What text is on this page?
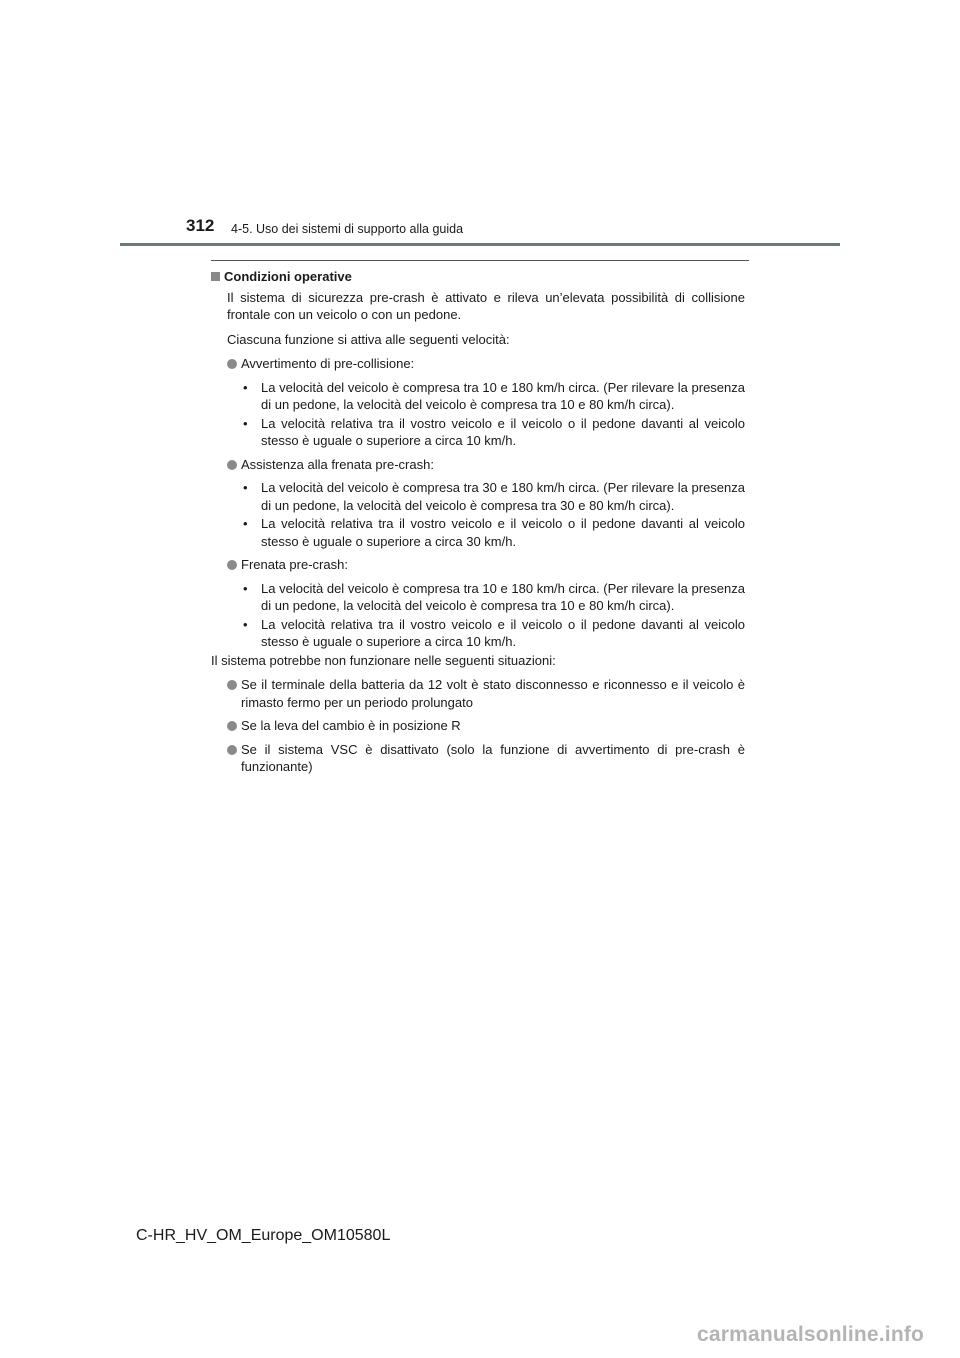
312 4-5. Uso dei sistemi di supporto alla guida
Condizioni operative

Il sistema di sicurezza pre-crash è attivato e rileva un’elevata possibilità di collisione frontale con un veicolo o con un pedone.

Ciascuna funzione si attiva alle seguenti velocità:

Avvertimento di pre-collisione:
• La velocità del veicolo è compresa tra 10 e 180 km/h circa. (Per rilevare la presenza di un pedone, la velocità del veicolo è compresa tra 10 e 80 km/h circa).
• La velocità relativa tra il vostro veicolo e il veicolo o il pedone davanti al veicolo stesso è uguale o superiore a circa 10 km/h.
Assistenza alla frenata pre-crash:
• La velocità del veicolo è compresa tra 30 e 180 km/h circa. (Per rilevare la presenza di un pedone, la velocità del veicolo è compresa tra 30 e 80 km/h circa).
• La velocità relativa tra il vostro veicolo e il veicolo o il pedone davanti al veicolo stesso è uguale o superiore a circa 30 km/h.
Frenata pre-crash:
• La velocità del veicolo è compresa tra 10 e 180 km/h circa. (Per rilevare la presenza di un pedone, la velocità del veicolo è compresa tra 10 e 80 km/h circa).
• La velocità relativa tra il vostro veicolo e il veicolo o il pedone davanti al veicolo stesso è uguale o superiore a circa 10 km/h.

Il sistema potrebbe non funzionare nelle seguenti situazioni:

Se il terminale della batteria da 12 volt è stato disconnesso e riconnesso e il veicolo è rimasto fermo per un periodo prolungato
Se la leva del cambio è in posizione R
Se il sistema VSC è disattivato (solo la funzione di avvertimento di pre-crash è funzionante)
C-HR_HV_OM_Europe_OM10580L
carmanualsonline.info
